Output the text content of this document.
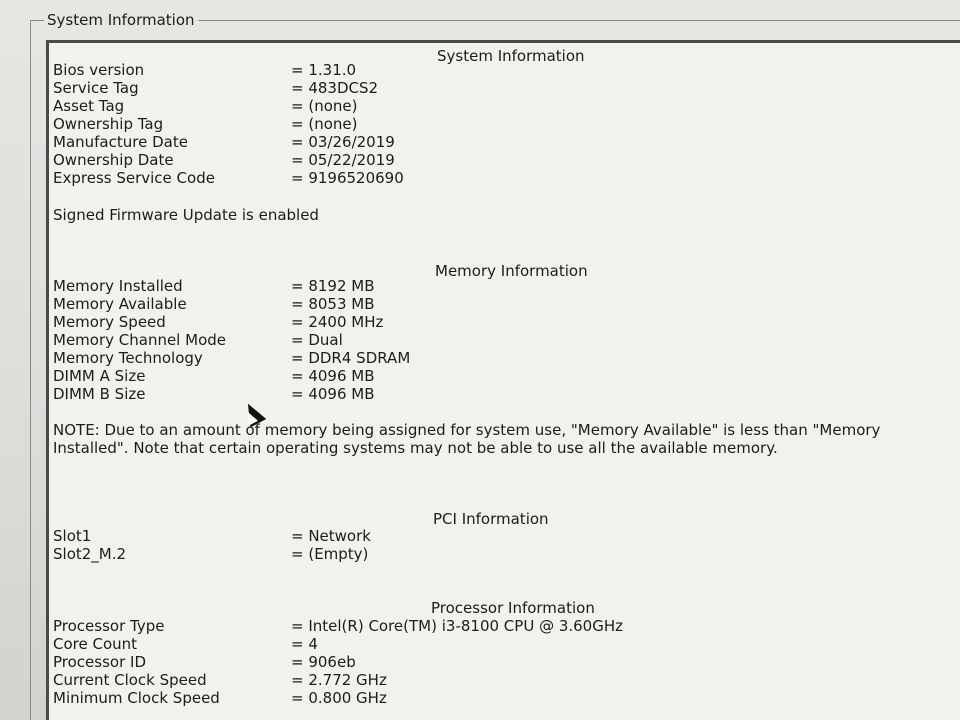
System Information
System Information
Bios version	= 1.31.0
Service Tag	= 483DCS2
Asset Tag	= (none)
Ownership Tag	= (none)
Manufacture Date	= 03/26/2019
Ownership Date	= 05/22/2019
Express Service Code	= 9196520690
Signed Firmware Update is enabled
Memory Information
Memory Installed	= 8192 MB
Memory Available	= 8053 MB
Memory Speed	= 2400 MHz
Memory Channel Mode	= Dual
Memory Technology	= DDR4 SDRAM
DIMM A Size	= 4096 MB
DIMM B Size	= 4096 MB
NOTE: Due to an amount of memory being assigned for system use, "Memory Available" is less than "Memory Installed". Note that certain operating systems may not be able to use all the available memory.
PCI Information
Slot1	= Network
Slot2_M.2	= (Empty)
Processor Information
Processor Type	= Intel(R) Core(TM) i3-8100 CPU @ 3.60GHz
Core Count	= 4
Processor ID	= 906eb
Current Clock Speed	= 2.772 GHz
Minimum Clock Speed	= 0.800 GHz
